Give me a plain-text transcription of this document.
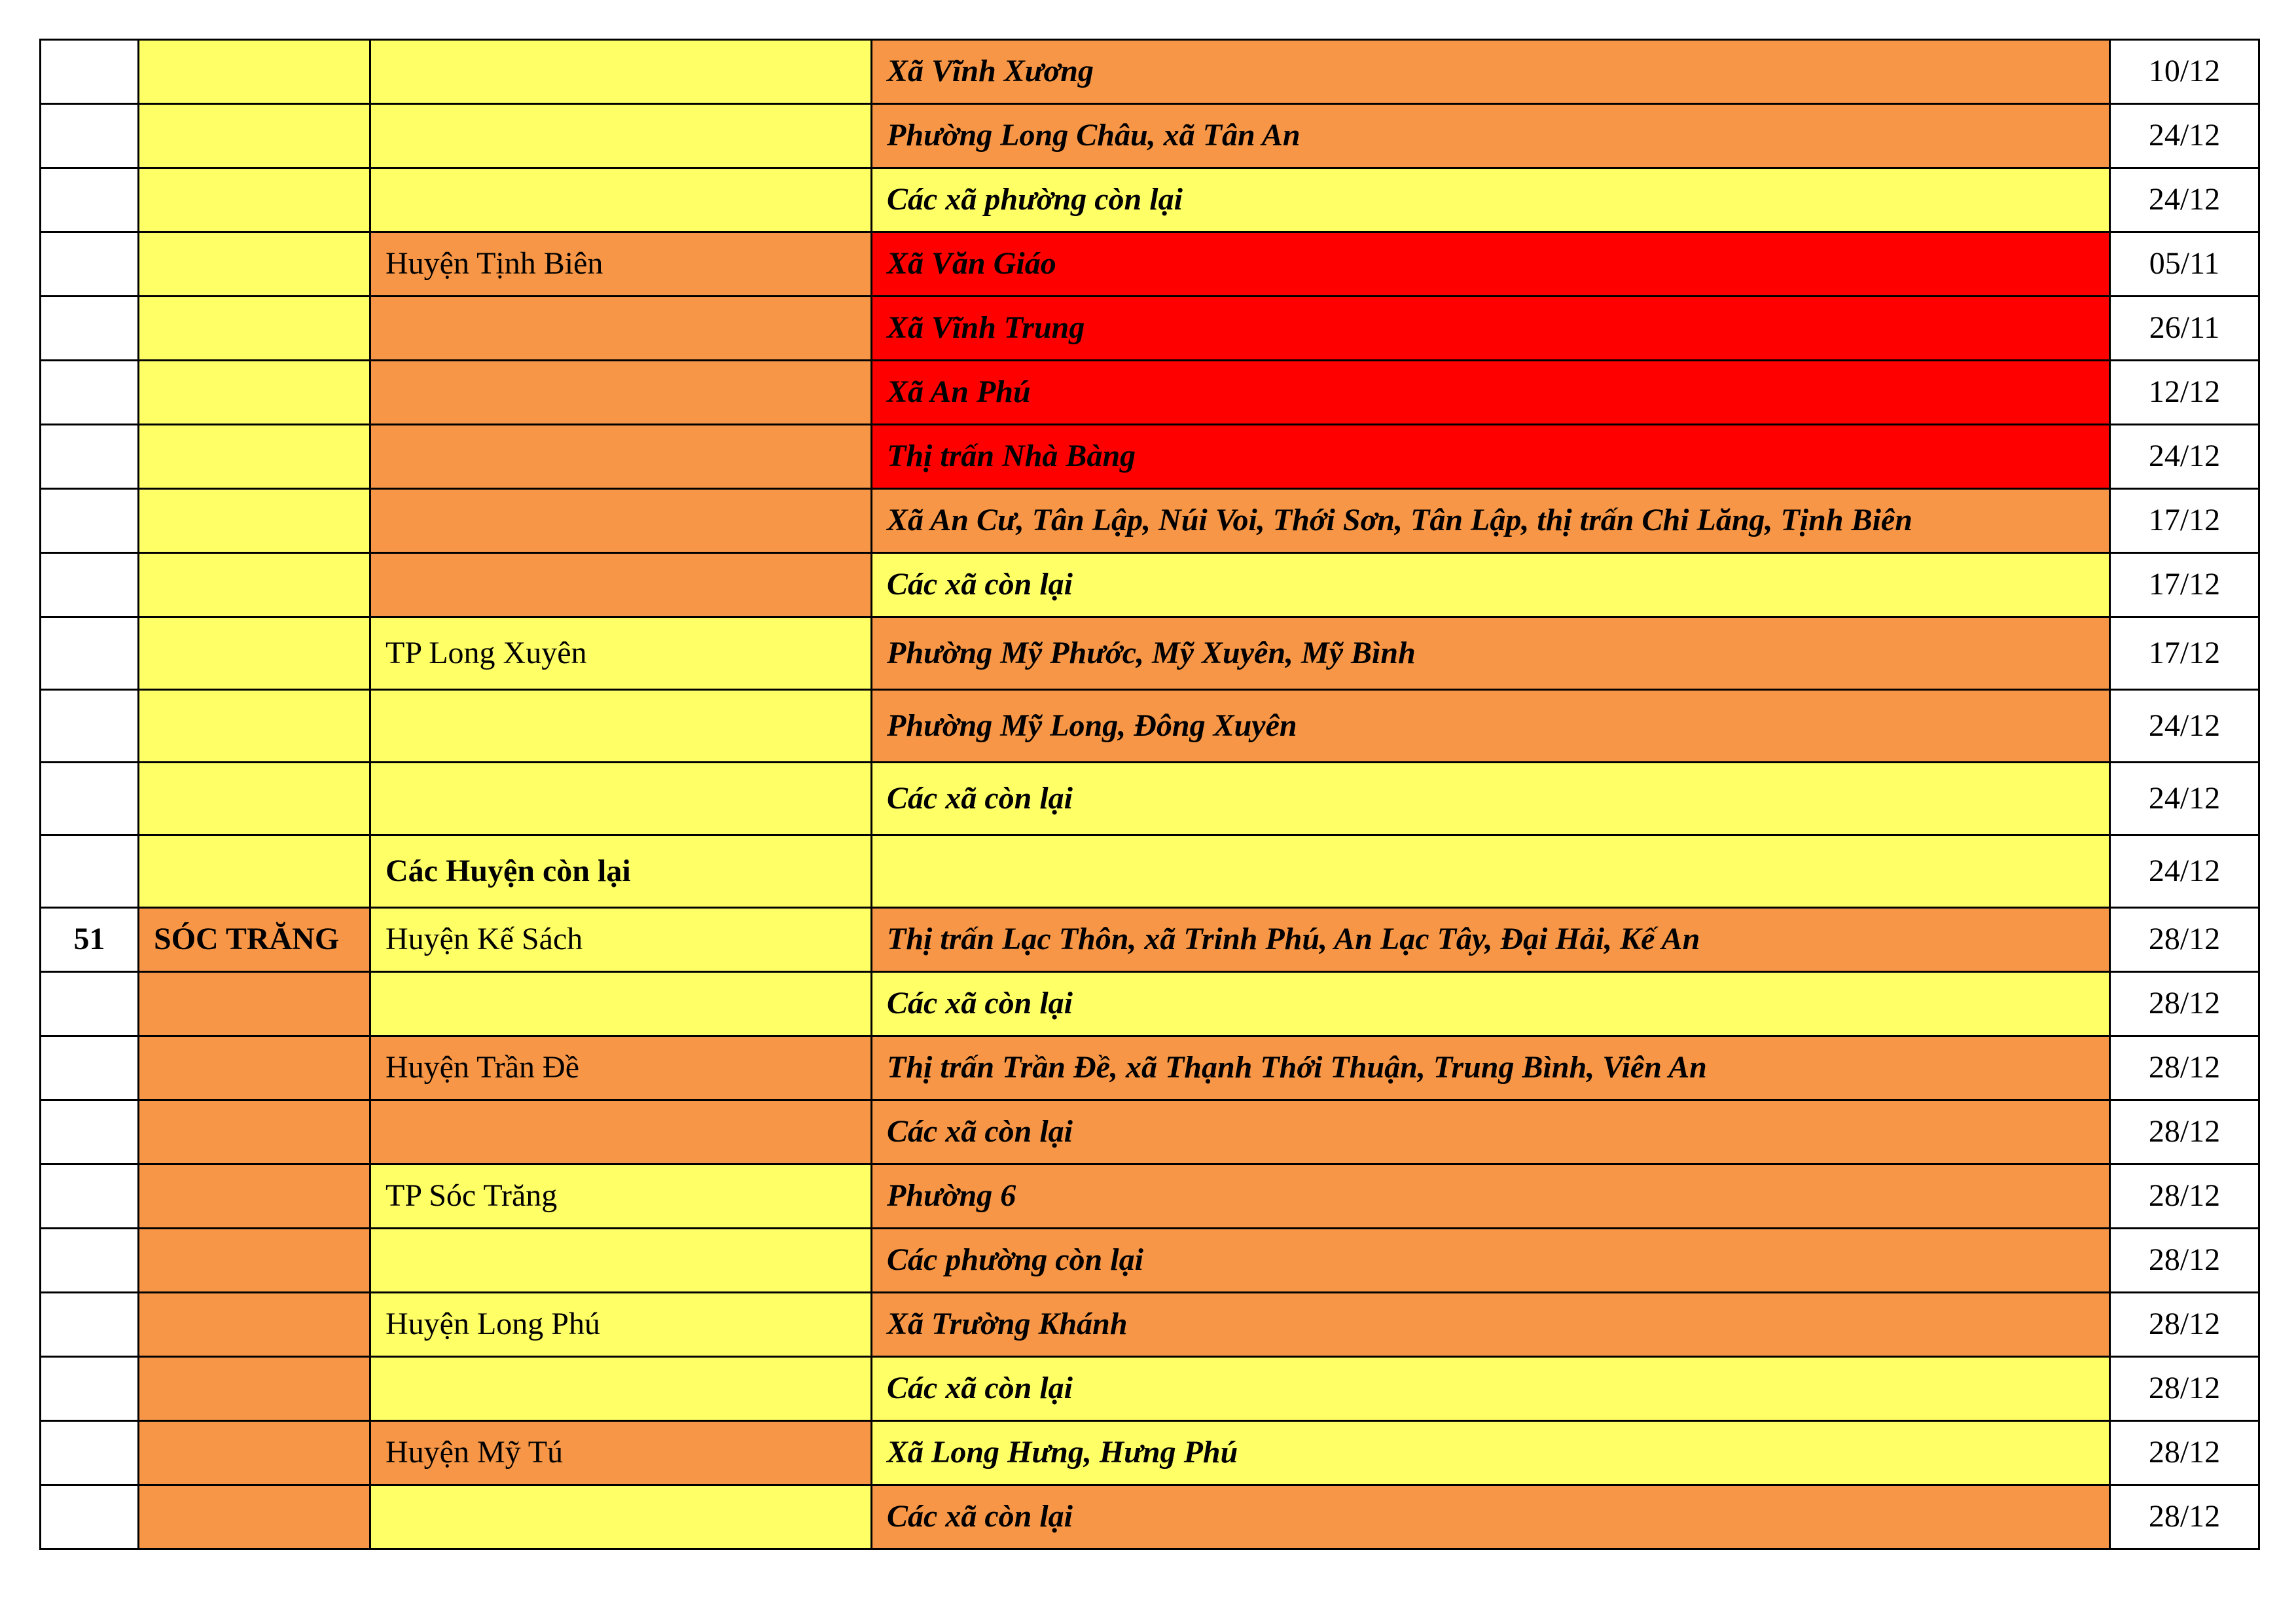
			Xã Vĩnh Xương	10/12
			Phường Long Châu, xã Tân An	24/12
			Các xã phường còn lại	24/12
		Huyện Tịnh Biên	Xã Văn Giáo	05/11
			Xã Vĩnh Trung	26/11
			Xã An Phú	12/12
			Thị trấn Nhà Bàng	24/12
			Xã An Cư, Tân Lập, Núi Voi, Thới Sơn, Tân Lập, thị trấn Chi Lăng, Tịnh Biên	17/12
			Các xã còn lại	17/12
		TP Long Xuyên	Phường Mỹ Phước, Mỹ Xuyên, Mỹ Bình	17/12
			Phường Mỹ Long, Đông Xuyên	24/12
			Các xã còn lại	24/12
		Các Huyện còn lại		24/12
51	SÓC TRĂNG	Huyện Kế Sách	Thị trấn Lạc Thôn, xã Trinh Phú, An Lạc Tây, Đại Hải, Kế An	28/12
			Các xã còn lại	28/12
		Huyện Trần Đề	Thị trấn Trần Đề, xã Thạnh Thới Thuận, Trung Bình, Viên An	28/12
			Các xã còn lại	28/12
		TP Sóc Trăng	Phường 6	28/12
			Các phường còn lại	28/12
		Huyện Long Phú	Xã Trường Khánh	28/12
			Các xã còn lại	28/12
		Huyện Mỹ Tú	Xã Long Hưng, Hưng Phú	28/12
			Các xã còn lại	28/12
